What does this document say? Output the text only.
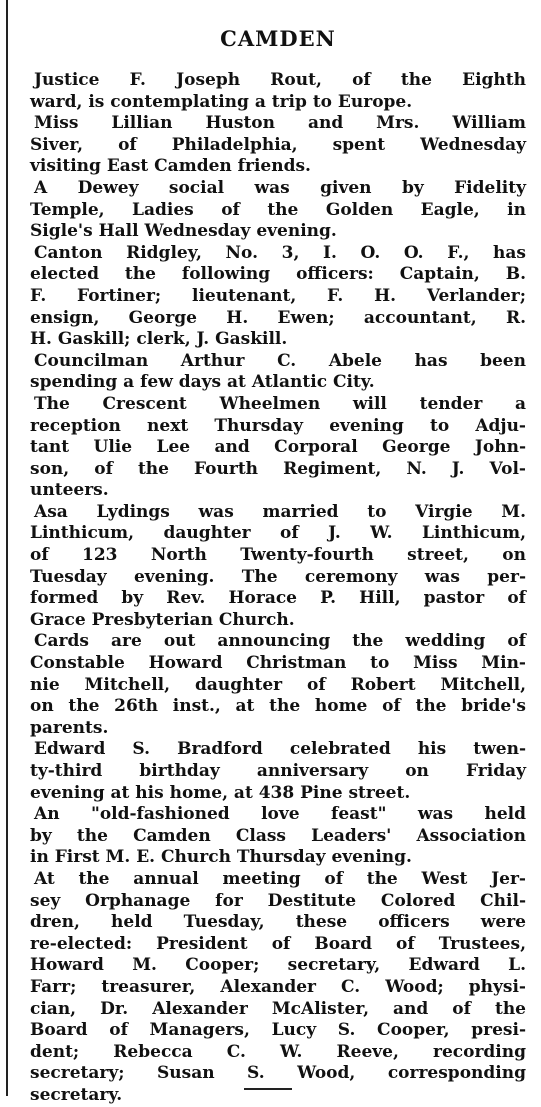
CAMDEN
Justice F. Joseph Rout, of the Eighth
ward, is contemplating a trip to Europe.
Miss Lillian Huston and Mrs. William
Siver, of Philadelphia, spent Wednesday
visiting East Camden friends.
A Dewey social was given by Fidelity
Temple, Ladies of the Golden Eagle, in
Sigle's Hall Wednesday evening.
Canton Ridgley, No. 3, I. O. O. F., has
elected the following officers: Captain, B.
F. Fortiner; lieutenant, F. H. Verlander;
ensign, George H. Ewen; accountant, R.
H. Gaskill; clerk, J. Gaskill.
Councilman Arthur C. Abele has been
spending a few days at Atlantic City.
The Crescent Wheelmen will tender a
reception next Thursday evening to Adju-
tant Ulie Lee and Corporal George John-
son, of the Fourth Regiment, N. J. Vol-
unteers.
Asa Lydings was married to Virgie M.
Linthicum, daughter of J. W. Linthicum,
of 123 North Twenty-fourth street, on
Tuesday evening. The ceremony was per-
formed by Rev. Horace P. Hill, pastor of
Grace Presbyterian Church.
Cards are out announcing the wedding of
Constable Howard Christman to Miss Min-
nie Mitchell, daughter of Robert Mitchell,
on the 26th inst., at the home of the bride's
parents.
Edward S. Bradford celebrated his twen-
ty-third birthday anniversary on Friday
evening at his home, at 438 Pine street.
An "old-fashioned love feast" was held
by the Camden Class Leaders' Association
in First M. E. Church Thursday evening.
At the annual meeting of the West Jer-
sey Orphanage for Destitute Colored Chil-
dren, held Tuesday, these officers were
re-elected: President of Board of Trustees,
Howard M. Cooper; secretary, Edward L.
Farr; treasurer, Alexander C. Wood; physi-
cian, Dr. Alexander McAlister, and of the
Board of Managers, Lucy S. Cooper, presi-
dent; Rebecca C. W. Reeve, recording
secretary; Susan S. Wood, corresponding
secretary.
